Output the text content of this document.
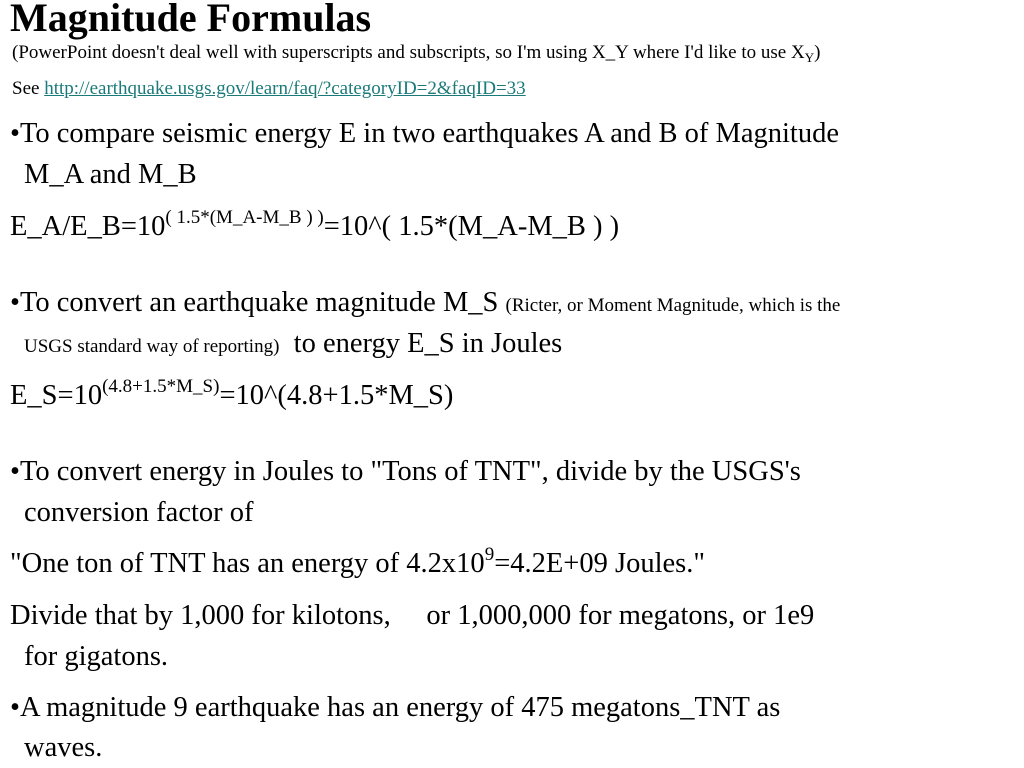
Magnitude Formulas
(PowerPoint doesn't deal well with superscripts and subscripts, so I'm using X_Y where I'd like to use $X_Y$)
See http://earthquake.usgs.gov/learn/faq/?categoryID=2&faqID=33
•To compare seismic energy E in two earthquakes A and B of Magnitude
M_A and M_B
$E\_A/E\_B=10^{( 1.5*(M\_A-M\_B ) )}=10\^{}$( 1.5*(M_A-M_B ) )
•To convert an earthquake magnitude M_S (Ricter, or Moment Magnitude, which is the
USGS standard way of reporting)  to energy E_S in Joules
$E\_S=10^{(4.8+1.5*M\_S)}=10\^{}(4.8+1.5*M\_S)$
•To convert energy in Joules to "Tons of TNT", divide by the USGS's
conversion factor of
"One ton of TNT has an energy of $4.2x10^9=4.2E+09$ Joules."
Divide that by 1,000 for kilotons,     or 1,000,000 for megatons, or 1e9
for gigatons.
•A magnitude 9 earthquake has an energy of 475 megatons_TNT as
waves.
